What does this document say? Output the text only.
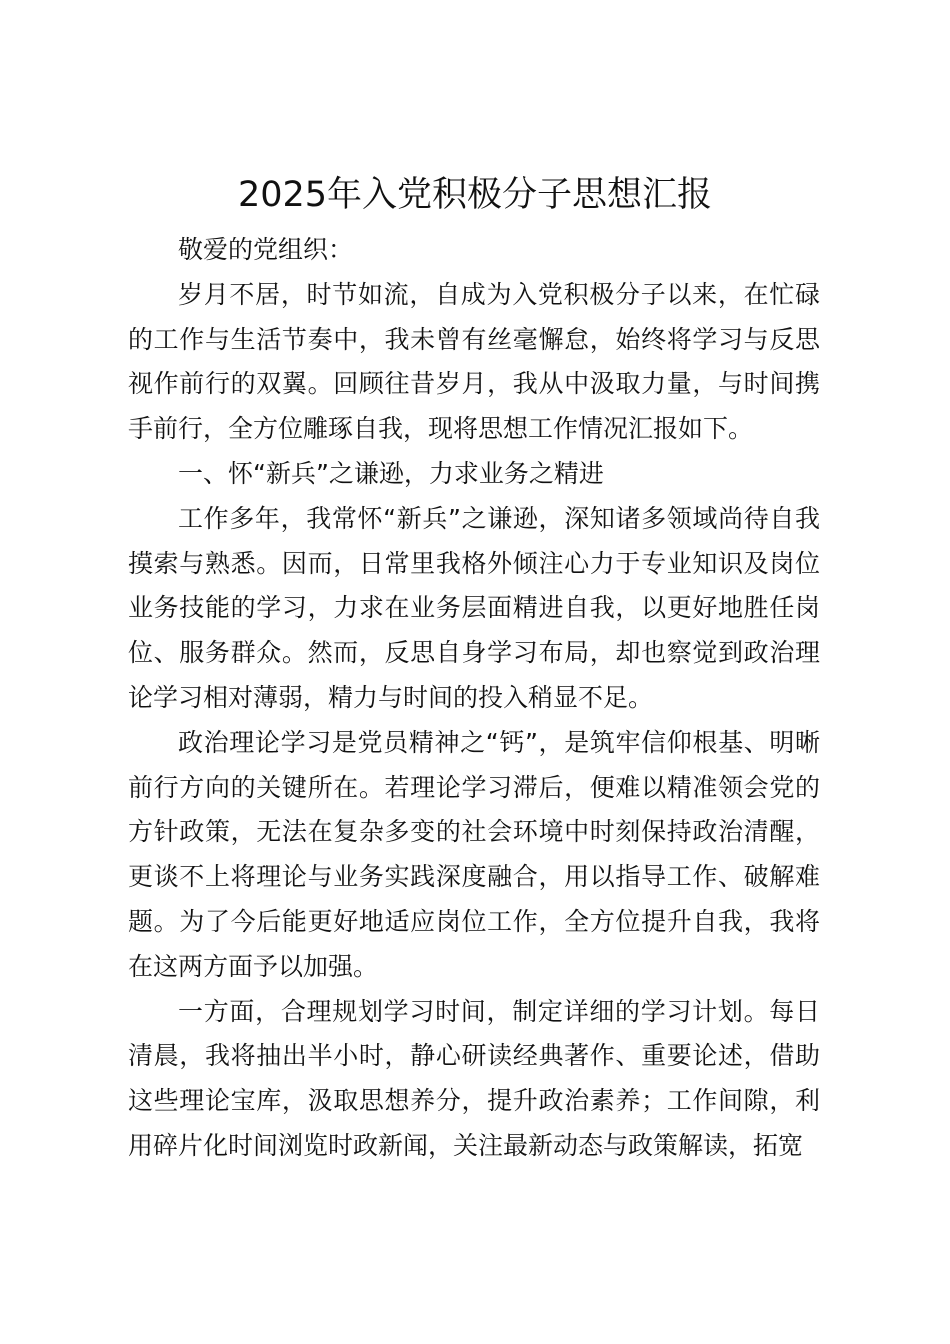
2025年入党积极分子思想汇报

敬爱的党组织：

岁月不居，时节如流，自成为入党积极分子以来，在忙碌的工作与生活节奏中，我未曾有丝毫懈怠，始终将学习与反思视作前行的双翼。回顾往昔岁月，我从中汲取力量，与时间携手前行，全方位雕琢自我，现将思想工作情况汇报如下。

一、怀“新兵”之谦逊，力求业务之精进

工作多年，我常怀“新兵”之谦逊，深知诸多领域尚待自我摸索与熟悉。因而，日常里我格外倾注心力于专业知识及岗位业务技能的学习，力求在业务层面精进自我，以更好地胜任岗位、服务群众。然而，反思自身学习布局，却也察觉到政治理论学习相对薄弱，精力与时间的投入稍显不足。

政治理论学习是党员精神之“钙”，是筑牢信仰根基、明晰前行方向的关键所在。若理论学习滞后，便难以精准领会党的方针政策，无法在复杂多变的社会环境中时刻保持政治清醒，更谈不上将理论与业务实践深度融合，用以指导工作、破解难题。为了今后能更好地适应岗位工作，全方位提升自我，我将在这两方面予以加强。

一方面，合理规划学习时间，制定详细的学习计划。每日清晨，我将抽出半小时，静心研读经典著作、重要论述，借助这些理论宝库，汲取思想养分，提升政治素养；工作间隙，利用碎片化时间浏览时政新闻，关注最新动态与政策解读，拓宽
